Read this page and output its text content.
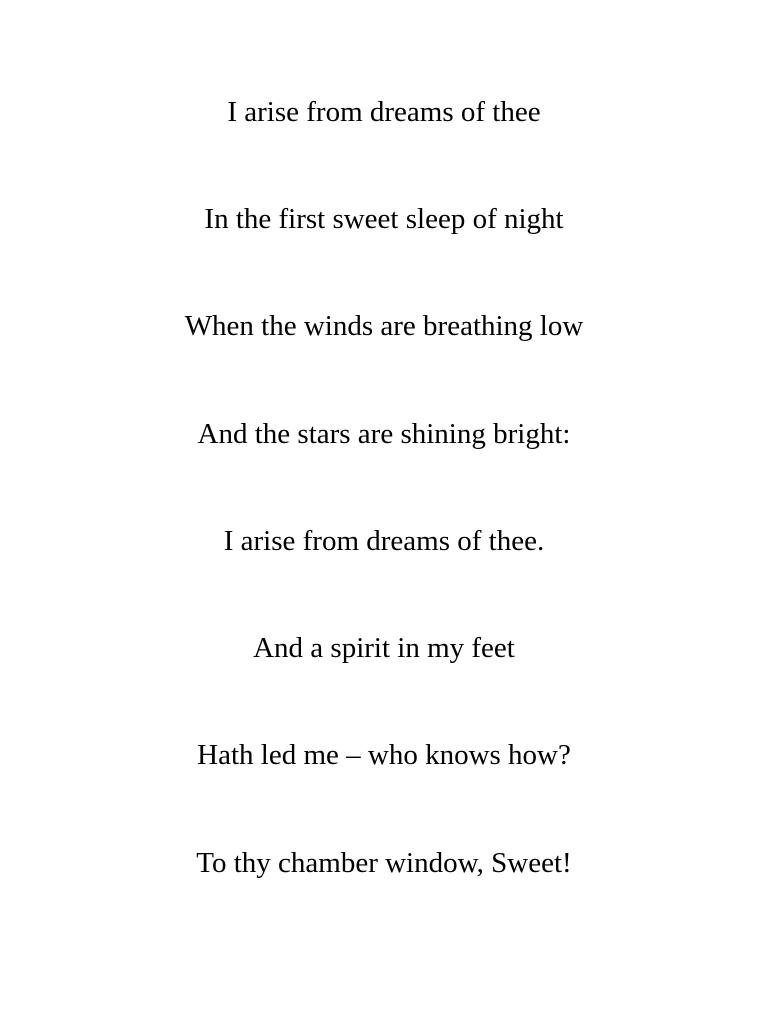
I arise from dreams of thee
In the first sweet sleep of night
When the winds are breathing low
And the stars are shining bright:
I arise from dreams of thee.
And a spirit in my feet
Hath led me – who knows how?
To thy chamber window, Sweet!
